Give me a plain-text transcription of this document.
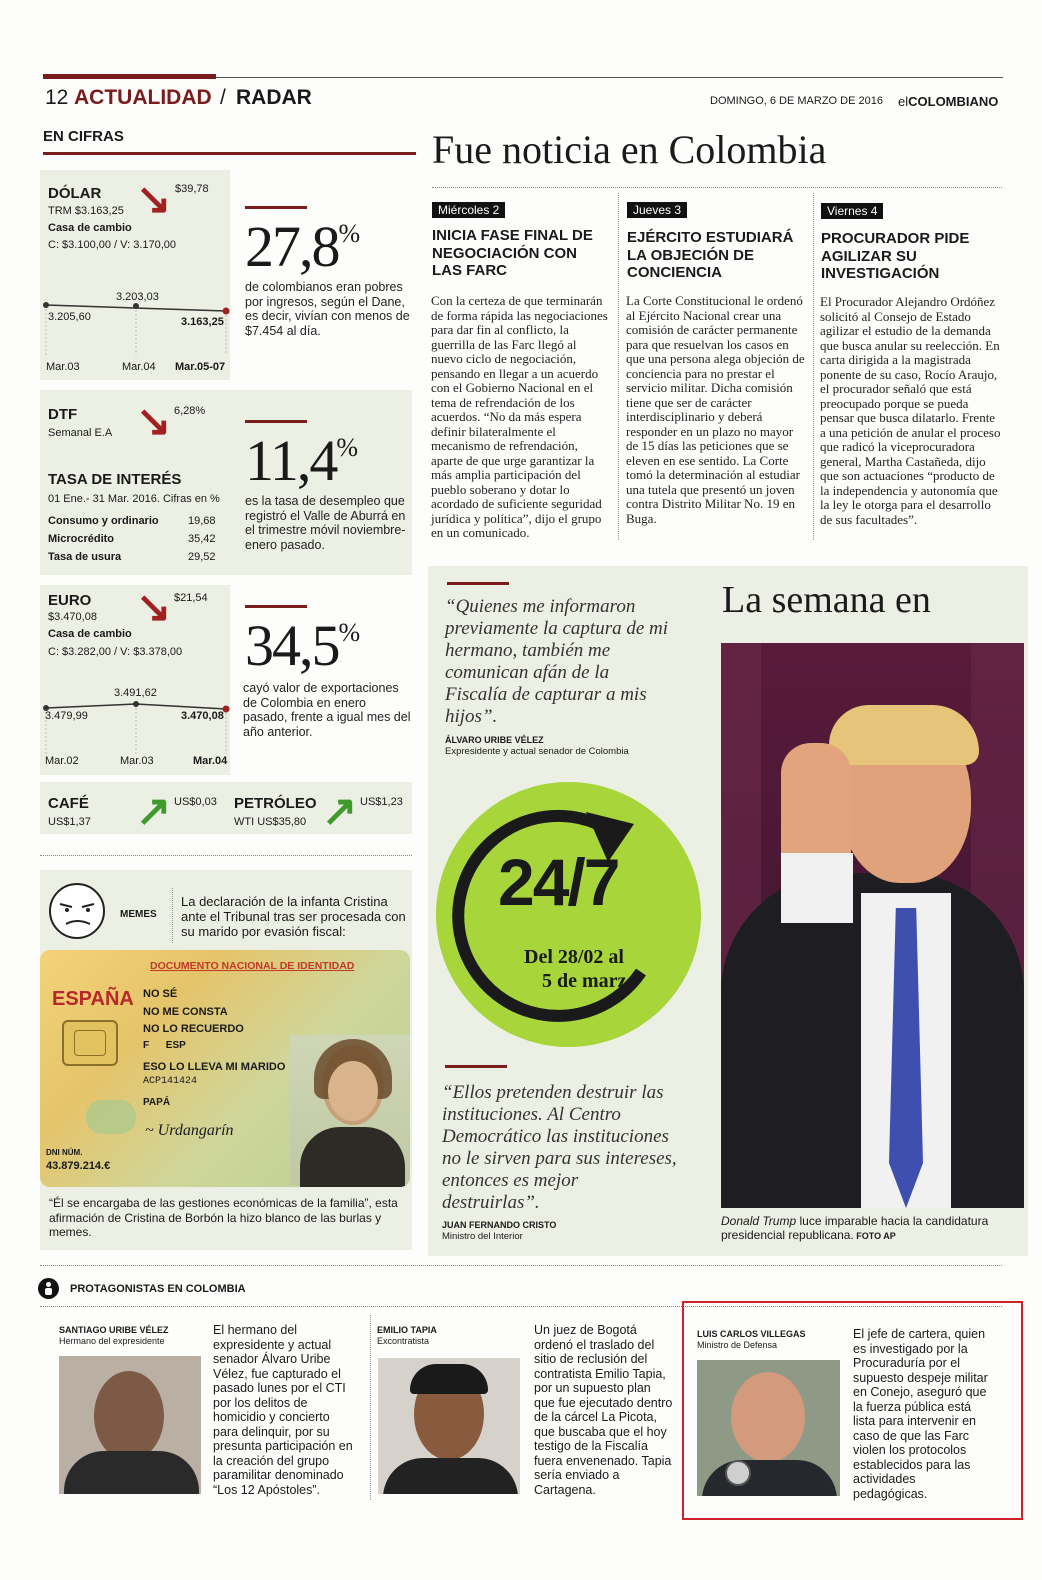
12 ACTUALIDAD / RADAR	DOMINGO, 6 DE MARZO DE 2016 elCOLOMBIANO
EN CIFRAS
DÓLAR
TRM $3.163,25
Casa de cambio
C: $3.100,00 / V: 3.170,00
↘ $39,78
3.205,60
3.203,03
3.163,25
Mar.03	Mar.04 Mar.05-07
27,8%
de colombianos eran pobres por ingresos, según el Dane, es decir, vivían con menos de $7.454 al día.
DTF
Semanal E.A ↘ 6,28%
TASA DE INTERÉS
01 Ene.- 31 Mar. 2016. Cifras en %
Consumo y ordinario	19,68
Microcrédito	35,42
Tasa de usura	29,52
11,4%
es la tasa de desempleo que registró el Valle de Aburrá en el trimestre móvil noviembre-enero pasado.
EURO
$3.470,08
Casa de cambio
C: $3.282,00 / V: $3.378,00
↘ $21,54
3.479,99
3.491,62
3.470,08
Mar.02	Mar.03	Mar.04
34,5%
cayó valor de exportaciones de Colombia en enero pasado, frente a igual mes del año anterior.
CAFÉ
US$1,37 ↗ US$0,03 PETRÓLEO
WTI US$35,80 ↗ US$1,23
MEMES
La declaración de la infanta Cristina ante el Tribunal tras ser procesada con su marido por evasión fiscal:
DOCUMENTO NACIONAL DE IDENTIDAD
ESPAÑA NO SÉ
NO ME CONSTA
NO LO RECUERDO
F      ESP
ESO LO LLEVA MI MARIDO
ACP141424
PAPÁ
~ Urdangarín
DNI NÚM.
43.879.214.€
“Él se encargaba de las gestiones económicas de la familia”, esta afirmación de Cristina de Borbón la hizo blanco de las burlas y memes.
Fue noticia en Colombia
Miércoles 2
INICIA FASE FINAL DE NEGOCIACIÓN CON LAS FARC
Con la certeza de que terminarán de forma rápida las negociaciones para dar fin al conflicto, la guerrilla de las Farc llegó al nuevo ciclo de negociación, pensando en llegar a un acuerdo con el Gobierno Nacional en el tema de refrendación de los acuerdos. “No da más espera definir bilateralmente el mecanismo de refrendación, aparte de que urge garantizar la más amplia participación del pueblo soberano y dotar lo acordado de suficiente seguridad jurídica y política”, dijo el grupo en un comunicado.
Jueves 3
EJÉRCITO ESTUDIARÁ LA OBJECIÓN DE CONCIENCIA
La Corte Constitucional le ordenó al Ejército Nacional crear una comisión de carácter permanente para que resuelvan los casos en que una persona alega objeción de conciencia para no prestar el servicio militar. Dicha comisión tiene que ser de carácter interdisciplinario y deberá responder en un plazo no mayor de 15 días las peticiones que se eleven en ese sentido. La Corte tomó la determinación al estudiar una tutela que presentó un joven contra Distrito Militar No. 19 en Buga.
Viernes 4
PROCURADOR PIDE AGILIZAR SU INVESTIGACIÓN
El Procurador Alejandro Ordóñez solicitó al Consejo de Estado agilizar el estudio de la demanda que busca anular su reelección. En carta dirigida a la magistrada ponente de su caso, Rocío Araujo, el procurador señaló que está preocupado porque se pueda pensar que busca dilatarlo. Frente a una petición de anular el proceso que radicó la viceprocuradora general, Martha Castañeda, dijo que son actuaciones “producto de la independencia y autonomía que la ley le otorga para el desarrollo de sus facultades”.
“Quienes me informaron previamente la captura de mi hermano, también me comunican afán de la Fiscalía de capturar a mis hijos”.
ÁLVARO URIBE VÉLEZ
Expresidente y actual senador de Colombia
24/7
Del 28/02 al
5 de marzo
“Ellos pretenden destruir las instituciones. Al Centro Democrático las instituciones no le sirven para sus intereses, entonces es mejor destruirlas”.
JUAN FERNANDO CRISTO
Ministro del Interior
La semana en
Donald Trump luce imparable hacia la candidatura presidencial republicana. FOTO AP
PROTAGONISTAS EN COLOMBIA
SANTIAGO URIBE VÉLEZ
Hermano del expresidente
El hermano del expresidente y actual senador Álvaro Uribe Vélez, fue capturado el pasado lunes por el CTI por los delitos de homicidio y concierto para delinquir, por su presunta participación en la creación del grupo paramilitar denominado “Los 12 Apóstoles”.
EMILIO TAPIA
Excontratista
Un juez de Bogotá ordenó el traslado del sitio de reclusión del contratista Emilio Tapia, por un supuesto plan que fue ejecutado dentro de la cárcel La Picota, que buscaba que el hoy testigo de la Fiscalía fuera envenenado. Tapia sería enviado a Cartagena.
LUIS CARLOS VILLEGAS
Ministro de Defensa
El jefe de cartera, quien es investigado por la Procuraduría por el supuesto despeje militar en Conejo, aseguró que la fuerza pública está lista para intervenir en caso de que las Farc violen los protocolos establecidos para las actividades pedagógicas.
